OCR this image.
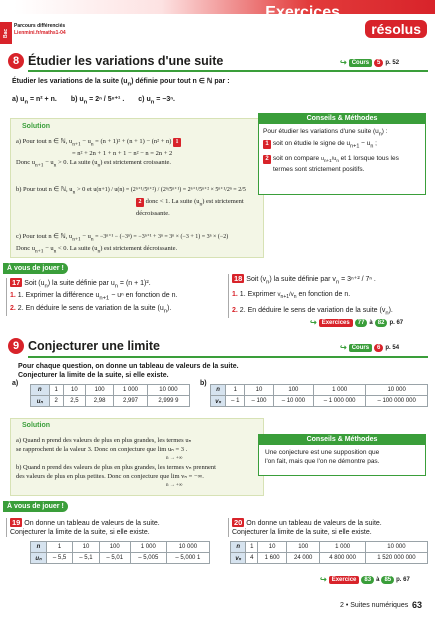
Bac
Parcours différenciés
Lienmini.fr/maths1-04
Exercices
résolus
8 Étudier les variations d'une suite	↪ Cours	5 p. 52
Étudier les variations de la suite $(u_n)$ définie pour tout n ∈ ℕ par :
a) $u_n = n^2 + n$. b) $u_n = 2^n / 5^{n+1}$ . c) $u_n = -3^n$.
Solution
a) Pour tout n ∈ ℕ, $u_{n+1} - u_n = (n + 1)^2 + (n + 1) - (n^2 + n)$ 1
= n² + 2n + 1 + n + 1 − n² − n = 2n + 2
Donc $u_{n+1} - u_n > 0$. La suite $(u_n)$ est strictement croissante.
b) Pour tout n ∈ ℕ, $u_n > 0$ et u(n+1) / u(n) = (2ⁿ⁺¹/5ⁿ⁺²) / (2ⁿ/5ⁿ⁺¹) = 2ⁿ⁺¹/5ⁿ⁺² × 5ⁿ⁺¹/2ⁿ = 2/5
2 donc < 1. La suite $(u_n)$ est strictement décroissante.
c) Pour tout n ∈ ℕ, $u_{n+1} - u_n = -3^{n+1} - (-3^n) = -3^{n+1} + 3^n = 3^n \times (-3 + 1) = 3^n \times (-2)$
Donc $u_{n+1} - u_n < 0$. La suite $(u_n)$ est strictement décroissante.
Conseils & Méthodes
Pour étudier les variations d'une suite $(u_n)$ :
1 soit on étudie le signe de $u_{n+1} - u_n$ ;
2 soit on compare $u_{n+1}/u_n$ et 1 lorsque tous les
termes sont strictement positifs.
À vous de jouer !
17 Soit $(u_n)$ la suite définie par $u_n = (n + 1)^2$.
1. 1. Exprimer la différence $u_{n+1} - u^n$ en fonction de n.
2. 2. En déduire le sens de variation de la suite $(u_n)$.
18 Soit $(v_n)$ la suite définie par $v_n = 3^{n+2} / 7^n$ .
1. 1. Exprimer $v_{n+1}/v_n$ en fonction de n.
2. 2. En déduire le sens de variation de la suite $(v_n)$.
↪ Exercices	77 à 82 p. 67
9 Conjecturer une limite	↪ Cours	6 p. 54
Pour chaque question, on donne un tableau de valeurs de la suite.
Conjecturer la limite de la suite, si elle existe.
a)
n	1	10	100	1 000	10 000
uₙ	2	2,5	2,98	2,997	2,999 9
b)
n	1	10	100	1 000	10 000
vₙ	– 1	– 100	– 10 000	– 1 000 000	– 100 000 000
Solution
a) Quand n prend des valeurs de plus en plus grandes, les termes uₙ
se rapprochent de la valeur 3. Donc on conjecture que lim uₙ = 3 .
n → +∞
b) Quand n prend des valeurs de plus en plus grandes, les termes vₙ prennent
des valeurs de plus en plus petites. Donc on conjecture que lim vₙ = −∞.
n → +∞
Conseils & Méthodes
Une conjecture est une supposition que
l'on fait, mais que l'on ne démontre pas.
À vous de jouer !
19 On donne un tableau de valeurs de la suite.
Conjecturer la limite de la suite, si elle existe.
n	1	10	100	1 000	10 000
uₙ	– 5,5	– 5,1	– 5,01	– 5,005	– 5,000 1
20 On donne un tableau de valeurs de la suite.
Conjecturer la limite de la suite, si elle existe.
n	1	10	100	1 000	10 000
vₙ	4	1 600	24 000	4 800 000	1 520 000 000
↪ Exercice	83 à 85 p. 67
2 • Suites numériques 63
